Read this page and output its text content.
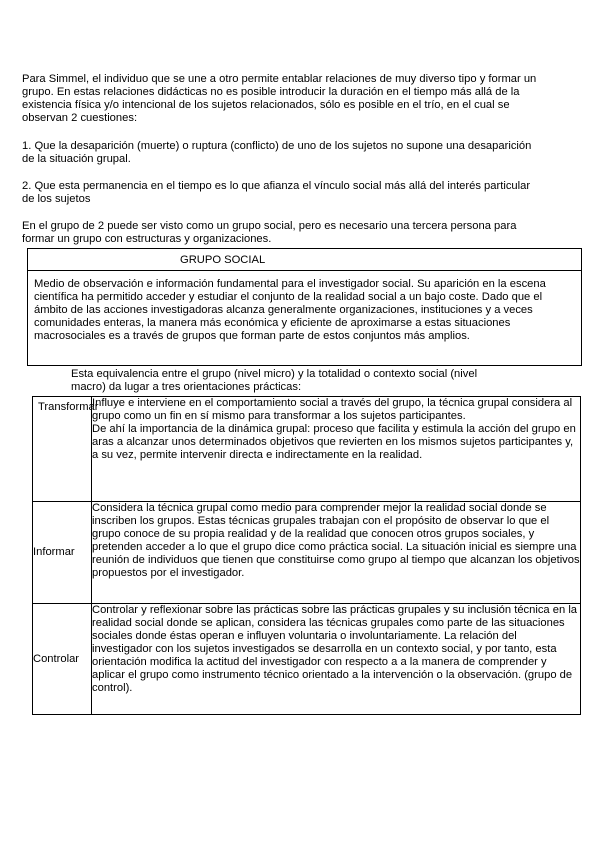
Para Simmel, el individuo que se une a otro permite entablar relaciones de muy diverso tipo y formar un grupo. En estas relaciones didácticas no es posible introducir la duración en el tiempo más allá de la existencia física y/o intencional de los sujetos relacionados, sólo es posible en el trío, en el cual se observan 2 cuestiones:

1. Que la desaparición (muerte) o ruptura (conflicto) de uno de los sujetos no supone una desaparición de la situación grupal.

2. Que esta permanencia en el tiempo es lo que afianza el vínculo social más allá del interés particular de los sujetos

En el grupo de 2 puede ser visto como un grupo social, pero es necesario una tercera persona para formar un grupo con estructuras y organizaciones.

GRUPO SOCIAL
Medio de observación e información fundamental para el investigador social. Su aparición en la escena científica ha permitido acceder y estudiar el conjunto de la realidad social a un bajo coste. Dado que el ámbito de las acciones investigadoras alcanza generalmente organizaciones, instituciones y a veces comunidades enteras, la manera más económica y eficiente de aproximarse a estas situaciones macrosociales es a través de grupos que forman parte de estos conjuntos más amplios.

Esta equivalencia entre el grupo (nivel micro) y la totalidad o contexto social (nivel macro) da lugar a tres orientaciones prácticas:

Transformar	Influye e interviene en el comportamiento social a través del grupo, la técnica grupal considera al grupo como un fin en sí mismo para transformar a los sujetos participantes.

De ahí la importancia de la dinámica grupal: proceso que facilita y estimula la acción del grupo en aras a alcanzar unos determinados objetivos que revierten en los mismos sujetos participantes y, a su vez, permite intervenir directa e indirectamente en la realidad.

Informar	Considera la técnica grupal como medio para comprender mejor la realidad social donde se inscriben los grupos. Estas técnicas grupales trabajan con el propósito de observar lo que el grupo conoce de su propia realidad y de la realidad que conocen otros grupos sociales, y pretenden acceder a lo que el grupo dice como práctica social. La situación inicial es siempre una reunión de individuos que tienen que constituirse como grupo al tiempo que alcanzan los objetivos propuestos por el investigador.

Controlar	Controlar y reflexionar sobre las prácticas sobre las prácticas grupales y su inclusión técnica en la realidad social donde se aplican, considera las técnicas grupales como parte de las situaciones sociales donde éstas operan e influyen voluntaria o involuntariamente. La relación del investigador con los sujetos investigados se desarrolla en un contexto social, y por tanto, esta orientación modifica la actitud del investigador con respecto a a la manera de comprender y aplicar el grupo como instrumento técnico orientado a la intervención o la observación. (grupo de control).
